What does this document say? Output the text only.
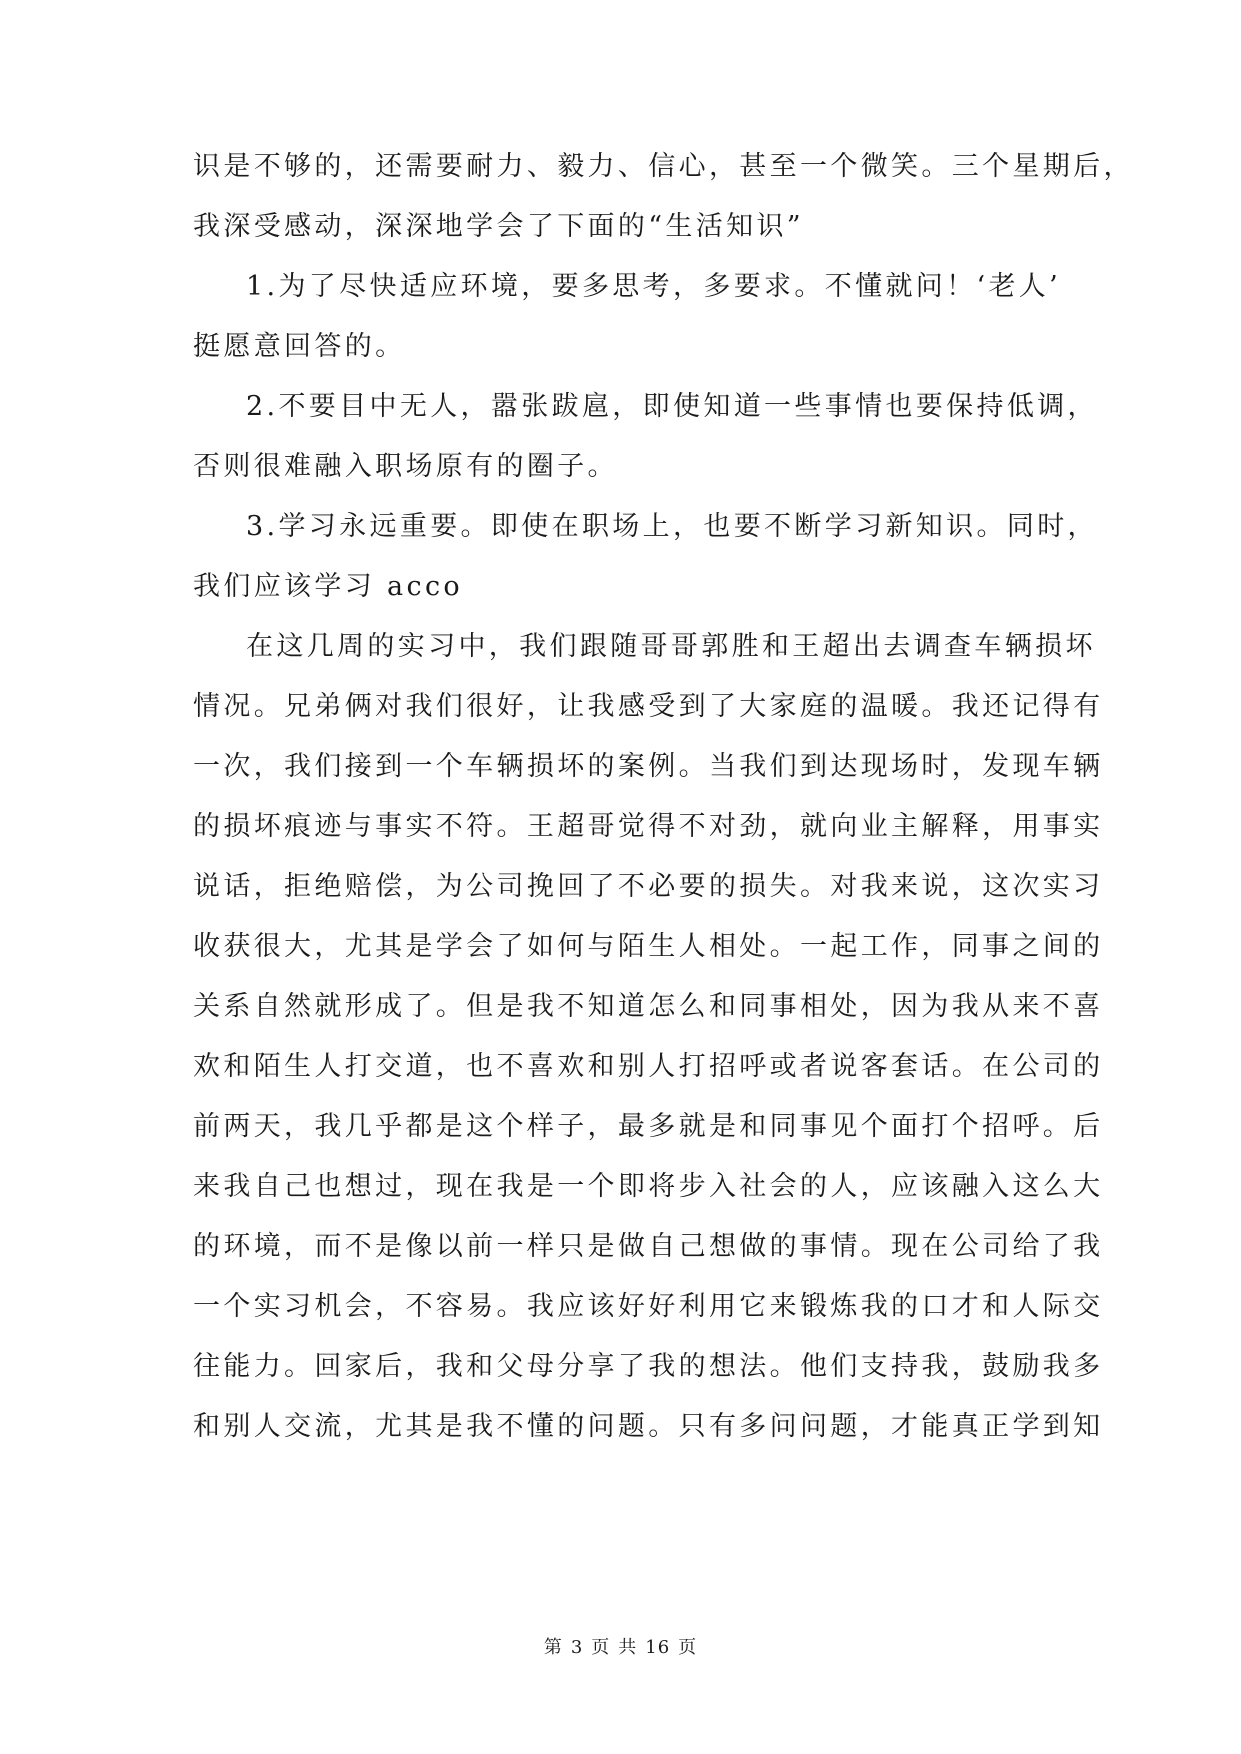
识是不够的，还需要耐力、毅力、信心，甚至一个微笑。三个星期后，
我深受感动，深深地学会了下面的“生活知识”
1.为了尽快适应环境，要多思考，多要求。不懂就问！‘老人’
挺愿意回答的。
2.不要目中无人，嚣张跋扈，即使知道一些事情也要保持低调，
否则很难融入职场原有的圈子。
3.学习永远重要。即使在职场上，也要不断学习新知识。同时，
我们应该学习 acco
在这几周的实习中，我们跟随哥哥郭胜和王超出去调查车辆损坏
情况。兄弟俩对我们很好，让我感受到了大家庭的温暖。我还记得有
一次，我们接到一个车辆损坏的案例。当我们到达现场时，发现车辆
的损坏痕迹与事实不符。王超哥觉得不对劲，就向业主解释，用事实
说话，拒绝赔偿，为公司挽回了不必要的损失。对我来说，这次实习
收获很大，尤其是学会了如何与陌生人相处。一起工作，同事之间的
关系自然就形成了。但是我不知道怎么和同事相处，因为我从来不喜
欢和陌生人打交道，也不喜欢和别人打招呼或者说客套话。在公司的
前两天，我几乎都是这个样子，最多就是和同事见个面打个招呼。后
来我自己也想过，现在我是一个即将步入社会的人，应该融入这么大
的环境，而不是像以前一样只是做自己想做的事情。现在公司给了我
一个实习机会，不容易。我应该好好利用它来锻炼我的口才和人际交
往能力。回家后，我和父母分享了我的想法。他们支持我，鼓励我多
和别人交流，尤其是我不懂的问题。只有多问问题，才能真正学到知
第 3 页 共 16 页
